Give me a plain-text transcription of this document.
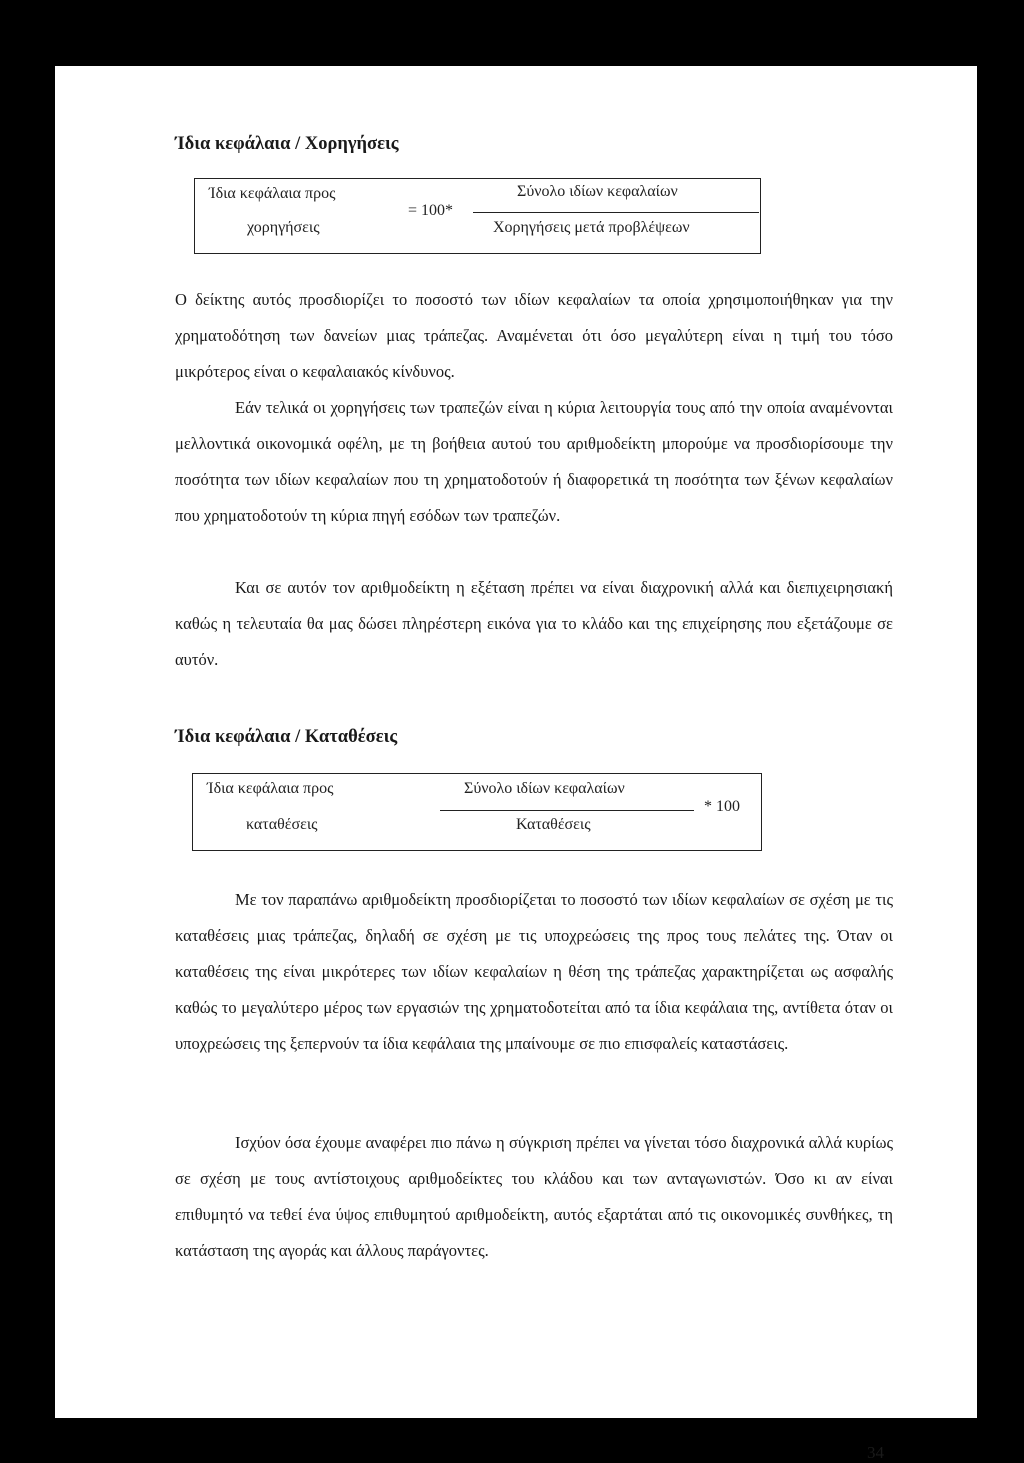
Ίδια κεφάλαια / Χορηγήσεις
Ίδια κεφάλαια προς
χορηγήσεις
= 100*
Σύνολο ιδίων κεφαλαίων
Χορηγήσεις μετά προβλέψεων

Ο δείκτης αυτός προσδιορίζει το ποσοστό των ιδίων κεφαλαίων τα οποία χρησιμοποιήθηκαν για την χρηματοδότηση των δανείων μιας τράπεζας. Αναμένεται ότι όσο μεγαλύτερη είναι η τιμή του τόσο μικρότερος είναι ο κεφαλαιακός κίνδυνος.

Εάν τελικά οι χορηγήσεις των τραπεζών είναι η κύρια λειτουργία τους από την οποία αναμένονται μελλοντικά οικονομικά οφέλη, με τη βοήθεια αυτού του αριθμοδείκτη μπορούμε να προσδιορίσουμε την ποσότητα των ιδίων κεφαλαίων που τη χρηματοδοτούν ή διαφορετικά τη ποσότητα των ξένων κεφαλαίων που χρηματοδοτούν τη κύρια πηγή εσόδων των τραπεζών.

Και σε αυτόν τον αριθμοδείκτη η εξέταση πρέπει να είναι διαχρονική αλλά και διεπιχειρησιακή καθώς η τελευταία θα μας δώσει πληρέστερη εικόνα για το κλάδο και της επιχείρησης που εξετάζουμε σε αυτόν.

Ίδια κεφάλαια / Καταθέσεις
Ίδια κεφάλαια προς
καταθέσεις
Σύνολο ιδίων κεφαλαίων
Καταθέσεις
* 100

Με τον παραπάνω αριθμοδείκτη προσδιορίζεται το ποσοστό των ιδίων κεφαλαίων σε σχέση με τις καταθέσεις μιας τράπεζας, δηλαδή σε σχέση με τις υποχρεώσεις της προς τους πελάτες της. Όταν οι καταθέσεις της είναι μικρότερες των ιδίων κεφαλαίων η θέση της τράπεζας χαρακτηρίζεται ως ασφαλής καθώς το μεγαλύτερο μέρος των εργασιών της χρηματοδοτείται από τα ίδια κεφάλαια της, αντίθετα όταν οι υποχρεώσεις της ξεπερνούν τα ίδια κεφάλαια της μπαίνουμε σε πιο επισφαλείς καταστάσεις.

Ισχύον όσα έχουμε αναφέρει πιο πάνω η σύγκριση πρέπει να γίνεται τόσο διαχρονικά αλλά κυρίως σε σχέση με τους αντίστοιχους αριθμοδείκτες του κλάδου και των ανταγωνιστών. Όσο κι αν είναι επιθυμητό να τεθεί ένα ύψος επιθυμητού αριθμοδείκτη, αυτός εξαρτάται από τις οικονομικές συνθήκες, τη κατάσταση της αγοράς και άλλους παράγοντες.

34
